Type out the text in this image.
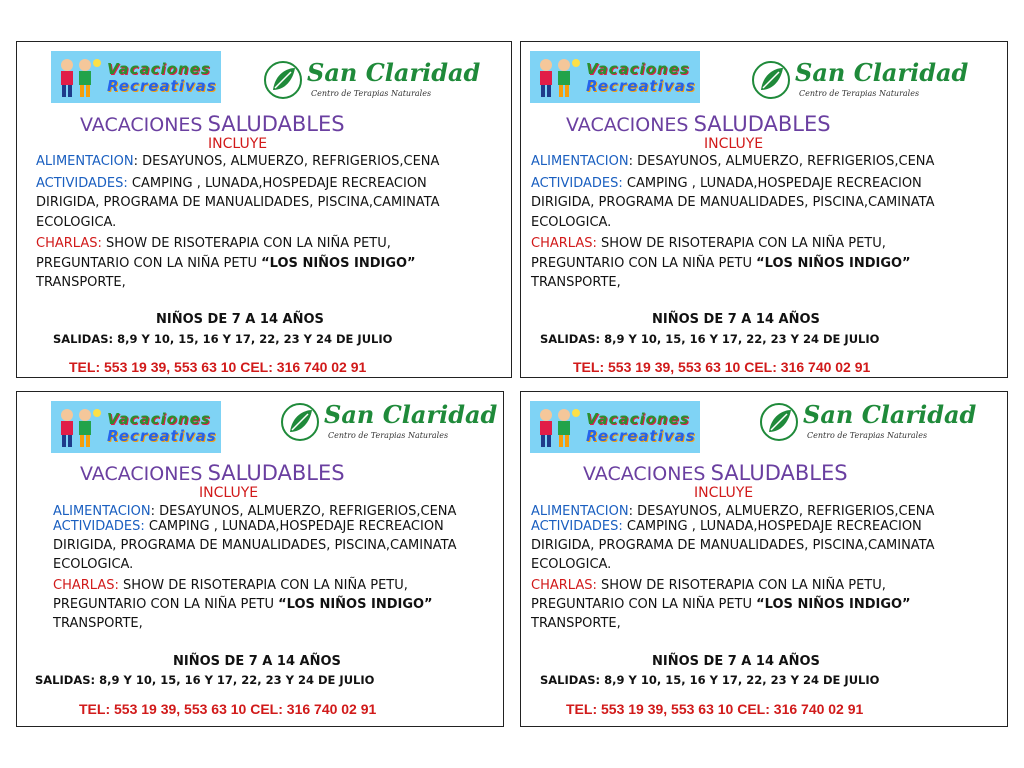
Vacaciones
Recreativas	San Claridad
Centro de Terapias Naturales
VACACIONES SALUDABLES
INCLUYE

ALIMENTACION: DESAYUNOS, ALMUERZO, REFRIGERIOS,CENA

ACTIVIDADES: CAMPING , LUNADA,HOSPEDAJE RECREACION DIRIGIDA, PROGRAMA DE MANUALIDADES, PISCINA,CAMINATA ECOLOGICA.

CHARLAS: SHOW DE RISOTERAPIA CON LA NIÑA PETU, PREGUNTARIO CON LA NIÑA PETU “LOS NIÑOS INDIGO” TRANSPORTE,

NIÑOS DE 7 A 14 AÑOS
SALIDAS: 8,9 Y 10, 15, 16 Y 17, 22, 23 Y 24 DE JULIO
TEL: 553 19 39, 553 63 10 CEL: 316 740 02 91
Vacaciones
Recreativas	San Claridad
Centro de Terapias Naturales
VACACIONES SALUDABLES
INCLUYE

ALIMENTACION: DESAYUNOS, ALMUERZO, REFRIGERIOS,CENA

ACTIVIDADES: CAMPING , LUNADA,HOSPEDAJE RECREACION DIRIGIDA, PROGRAMA DE MANUALIDADES, PISCINA,CAMINATA ECOLOGICA.

CHARLAS: SHOW DE RISOTERAPIA CON LA NIÑA PETU, PREGUNTARIO CON LA NIÑA PETU “LOS NIÑOS INDIGO” TRANSPORTE,

NIÑOS DE 7 A 14 AÑOS
SALIDAS: 8,9 Y 10, 15, 16 Y 17, 22, 23 Y 24 DE JULIO
TEL: 553 19 39, 553 63 10 CEL: 316 740 02 91
Vacaciones
Recreativas
San Claridad
Centro de Terapias Naturales
VACACIONES SALUDABLES
INCLUYE

ALIMENTACION: DESAYUNOS, ALMUERZO, REFRIGERIOS,CENA

ACTIVIDADES: CAMPING , LUNADA,HOSPEDAJE RECREACION DIRIGIDA, PROGRAMA DE MANUALIDADES, PISCINA,CAMINATA ECOLOGICA.

CHARLAS: SHOW DE RISOTERAPIA CON LA NIÑA PETU, PREGUNTARIO CON LA NIÑA PETU “LOS NIÑOS INDIGO” TRANSPORTE,

NIÑOS DE 7 A 14 AÑOS
SALIDAS: 8,9 Y 10, 15, 16 Y 17, 22, 23 Y 24 DE JULIO
TEL: 553 19 39, 553 63 10 CEL: 316 740 02 91
Vacaciones
Recreativas
San Claridad
Centro de Terapias Naturales
VACACIONES SALUDABLES
INCLUYE

ALIMENTACION: DESAYUNOS, ALMUERZO, REFRIGERIOS,CENA

ACTIVIDADES: CAMPING , LUNADA,HOSPEDAJE RECREACION DIRIGIDA, PROGRAMA DE MANUALIDADES, PISCINA,CAMINATA ECOLOGICA.

CHARLAS: SHOW DE RISOTERAPIA CON LA NIÑA PETU, PREGUNTARIO CON LA NIÑA PETU “LOS NIÑOS INDIGO” TRANSPORTE,

NIÑOS DE 7 A 14 AÑOS
SALIDAS: 8,9 Y 10, 15, 16 Y 17, 22, 23 Y 24 DE JULIO
TEL: 553 19 39, 553 63 10 CEL: 316 740 02 91
